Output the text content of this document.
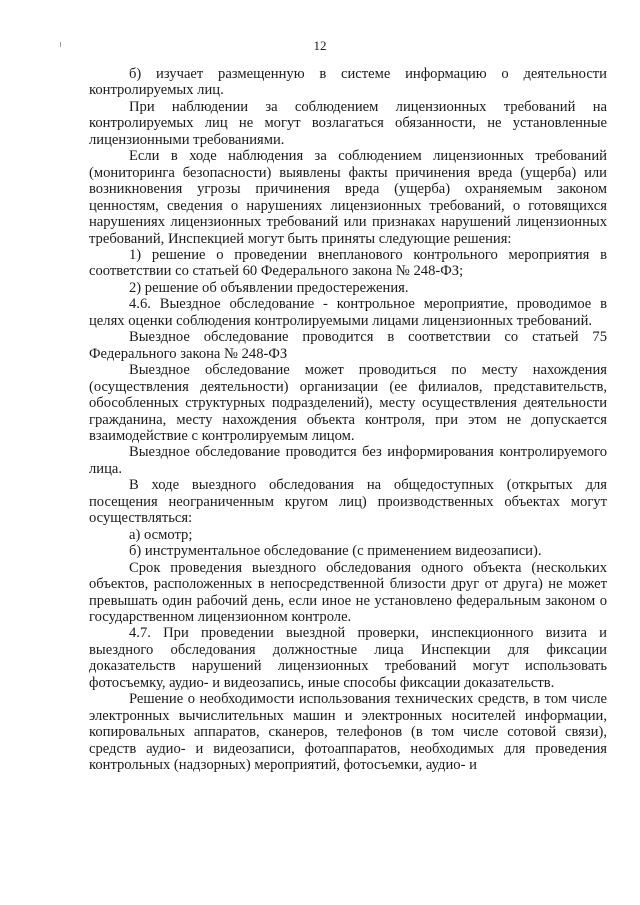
12

б) изучает размещенную в системе информацию о деятельности контролируемых лиц.

При наблюдении за соблюдением лицензионных требований на контролируемых лиц не могут возлагаться обязанности, не установленные лицензионными требованиями.

Если в ходе наблюдения за соблюдением лицензионных требований (мониторинга безопасности) выявлены факты причинения вреда (ущерба) или возникновения угрозы причинения вреда (ущерба) охраняемым законом ценностям, сведения о нарушениях лицензионных требований, о готовящихся нарушениях лицензионных требований или признаках нарушений лицензионных требований, Инспекцией могут быть приняты следующие решения:

1) решение о проведении внепланового контрольного мероприятия в соответствии со статьей 60 Федерального закона № 248-ФЗ;

2) решение об объявлении предостережения.

4.6. Выездное обследование - контрольное мероприятие, проводимое в целях оценки соблюдения контролируемыми лицами лицензионных требований.

Выездное обследование проводится в соответствии со статьей 75 Федерального закона № 248-ФЗ

Выездное обследование может проводиться по месту нахождения (осуществления деятельности) организации (ее филиалов, представительств, обособленных структурных подразделений), месту осуществления деятельности гражданина, месту нахождения объекта контроля, при этом не допускается взаимодействие с контролируемым лицом.

Выездное обследование проводится без информирования контролируемого лица.

В ходе выездного обследования на общедоступных (открытых для посещения неограниченным кругом лиц) производственных объектах могут осуществляться:

а) осмотр;

б) инструментальное обследование (с применением видеозаписи).

Срок проведения выездного обследования одного объекта (нескольких объектов, расположенных в непосредственной близости друг от друга) не может превышать один рабочий день, если иное не установлено федеральным законом о государственном лицензионном контроле.

4.7. При проведении выездной проверки, инспекционного визита и выездного обследования должностные лица Инспекции для фиксации доказательств нарушений лицензионных требований могут использовать фотосъемку, аудио- и видеозапись, иные способы фиксации доказательств.

Решение о необходимости использования технических средств, в том числе электронных вычислительных машин и электронных носителей информации, копировальных аппаратов, сканеров, телефонов (в том числе сотовой связи), средств аудио- и видеозаписи, фотоаппаратов, необходимых для проведения контрольных (надзорных) мероприятий, фотосъемки, аудио- и
